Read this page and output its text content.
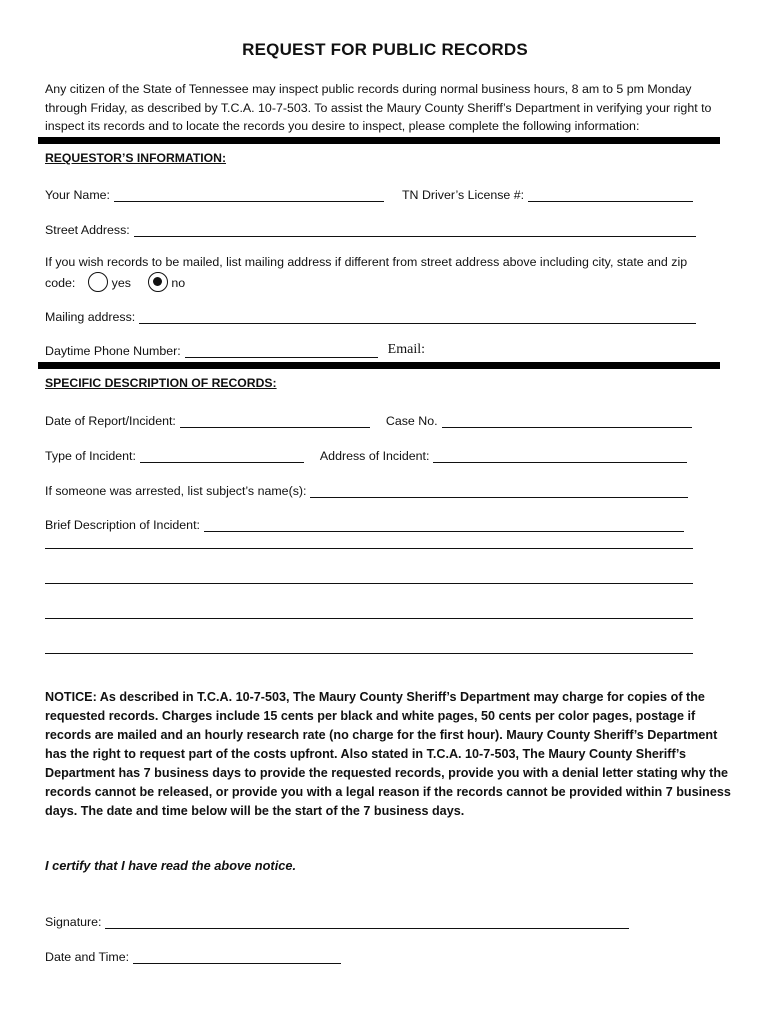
REQUEST FOR PUBLIC RECORDS
Any citizen of the State of Tennessee may inspect public records during normal business hours, 8 am to 5 pm Monday through Friday, as described by T.C.A. 10-7-503. To assist the Maury County Sheriff’s Department in verifying your right to inspect its records and to locate the records you desire to inspect, please complete the following information:
REQUESTOR’S INFORMATION:
Your Name:	TN Driver’s License #:
Street Address:
If you wish records to be mailed, list mailing address if different from street address above including city, state and zip
code:	yes	no
Mailing address:
Daytime Phone Number:	Email:
SPECIFIC DESCRIPTION OF RECORDS:
Date of Report/Incident:	Case No.
Type of Incident:	Address of Incident:
If someone was arrested, list subject’s name(s):
Brief Description of Incident:
NOTICE: As described in T.C.A. 10-7-503, The Maury County Sheriff’s Department may charge for copies of the requested records. Charges include 15 cents per black and white pages, 50 cents per color pages, postage if records are mailed and an hourly research rate (no charge for the first hour). Maury County Sheriff’s Department has the right to request part of the costs upfront. Also stated in T.C.A. 10-7-503, The Maury County Sheriff’s Department has 7 business days to provide the requested records, provide you with a denial letter stating why the records cannot be released, or provide you with a legal reason if the records cannot be provided within 7 business days. The date and time below will be the start of the 7 business days.
I certify that I have read the above notice.
Signature:
Date and Time:
